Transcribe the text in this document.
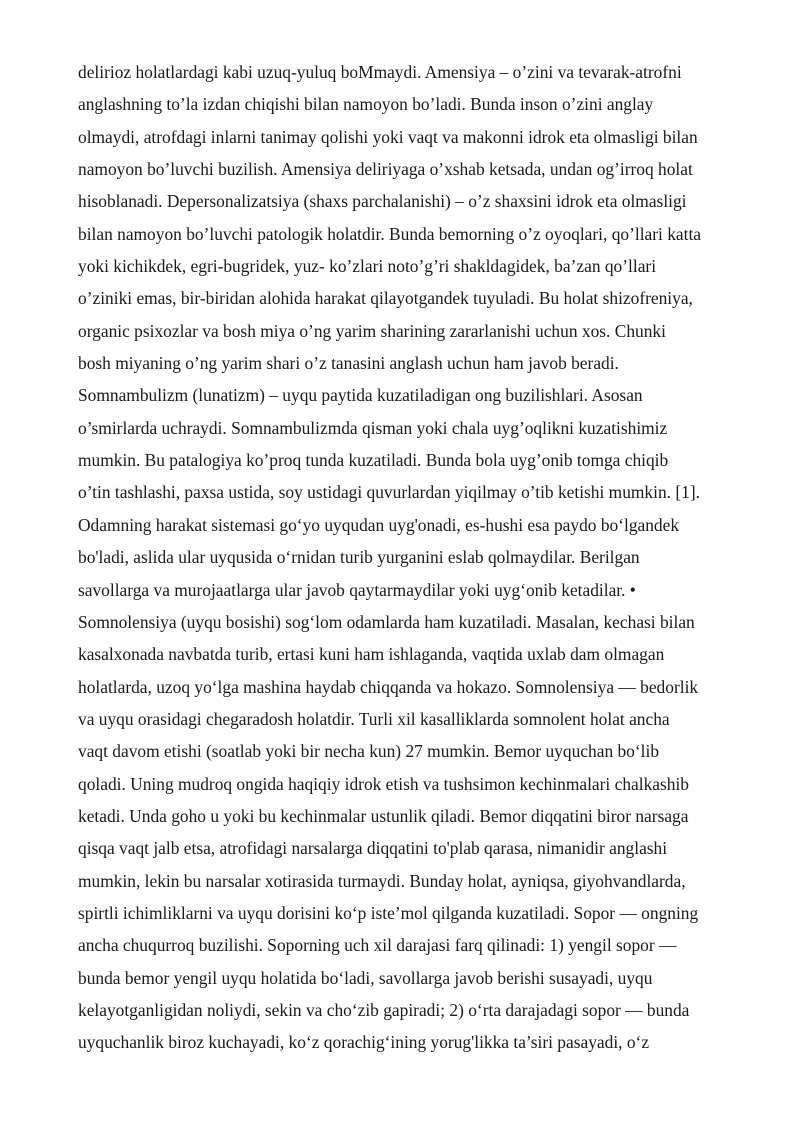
delirioz holatlardagi kabi uzuq-yuluq boMmaydi. Amensiya – o’zini va tevarak-atrofni
anglashning to’la izdan chiqishi bilan namoyon bo’ladi. Bunda inson o’zini anglay
olmaydi, atrofdagi inlarni tanimay qolishi yoki vaqt va makonni idrok eta olmasligi bilan
namoyon bo’luvchi buzilish. Amensiya deliriyaga o’xshab ketsada, undan og’irroq holat
hisoblanadi. Depersonalizatsiya (shaxs parchalanishi) – o’z shaxsini idrok eta olmasligi
bilan namoyon bo’luvchi patologik holatdir. Bunda bemorning o’z oyoqlari, qo’llari katta
yoki kichikdek, egri-bugridek, yuz- ko’zlari noto’g’ri shakldagidek, ba’zan qo’llari
o’ziniki emas, bir-biridan alohida harakat qilayotgandek tuyuladi. Bu holat shizofreniya,
organic psixozlar va bosh miya o’ng yarim sharining zararlanishi uchun xos. Chunki
bosh miyaning o’ng yarim shari o’z tanasini anglash uchun ham javob beradi.
Somnambulizm (lunatizm) – uyqu paytida kuzatiladigan ong buzilishlari. Asosan
o’smirlarda uchraydi. Somnambulizmda qisman yoki chala uyg’oqlikni kuzatishimiz
mumkin. Bu patalogiya ko’proq tunda kuzatiladi. Bunda bola uyg’onib tomga chiqib
o’tin tashlashi, paxsa ustida, soy ustidagi quvurlardan yiqilmay o’tib ketishi mumkin. [1].
Odamning harakat sistemasi go‘yo uyqudan uyg'onadi, es-hushi esa paydo bo‘lgandek
bo'ladi, aslida ular uyqusida o‘rnidan turib yurganini eslab qolmaydilar. Berilgan
savollarga va murojaatlarga ular javob qaytarmaydilar yoki uyg‘onib ketadilar. •
Somnolensiya (uyqu bosishi) sog‘lom odamlarda ham kuzatiladi. Masalan, kechasi bilan
kasalxonada navbatda turib, ertasi kuni ham ishlaganda, vaqtida uxlab dam olmagan
holatlarda, uzoq yo‘lga mashina haydab chiqqanda va hokazo. Somnolensiya — bedorlik
va uyqu orasidagi chegaradosh holatdir. Turli xil kasalliklarda somnolent holat ancha
vaqt davom etishi (soatlab yoki bir necha kun) 27 mumkin. Bemor uyquchan bo‘lib
qoladi. Uning mudroq ongida haqiqiy idrok etish va tushsimon kechinmalari chalkashib
ketadi. Unda goho u yoki bu kechinmalar ustunlik qiladi. Bemor diqqatini biror narsaga
qisqa vaqt jalb etsa, atrofidagi narsalarga diqqatini to'plab qarasa, nimanidir anglashi
mumkin, lekin bu narsalar xotirasida turmaydi. Bunday holat, ayniqsa, giyohvandlarda,
spirtli ichimliklarni va uyqu dorisini ko‘p iste’mol qilganda kuzatiladi. Sopor — ongning
ancha chuqurroq buzilishi. Soporning uch xil darajasi farq qilinadi: 1) yengil sopor —
bunda bemor yengil uyqu holatida bo‘ladi, savollarga javob berishi susayadi, uyqu
kelayotganligidan noliydi, sekin va cho‘zib gapiradi; 2) o‘rta darajadagi sopor — bunda
uyquchanlik biroz kuchayadi, ko‘z qorachig‘ining yorug'likka ta’siri pasayadi, o‘z
